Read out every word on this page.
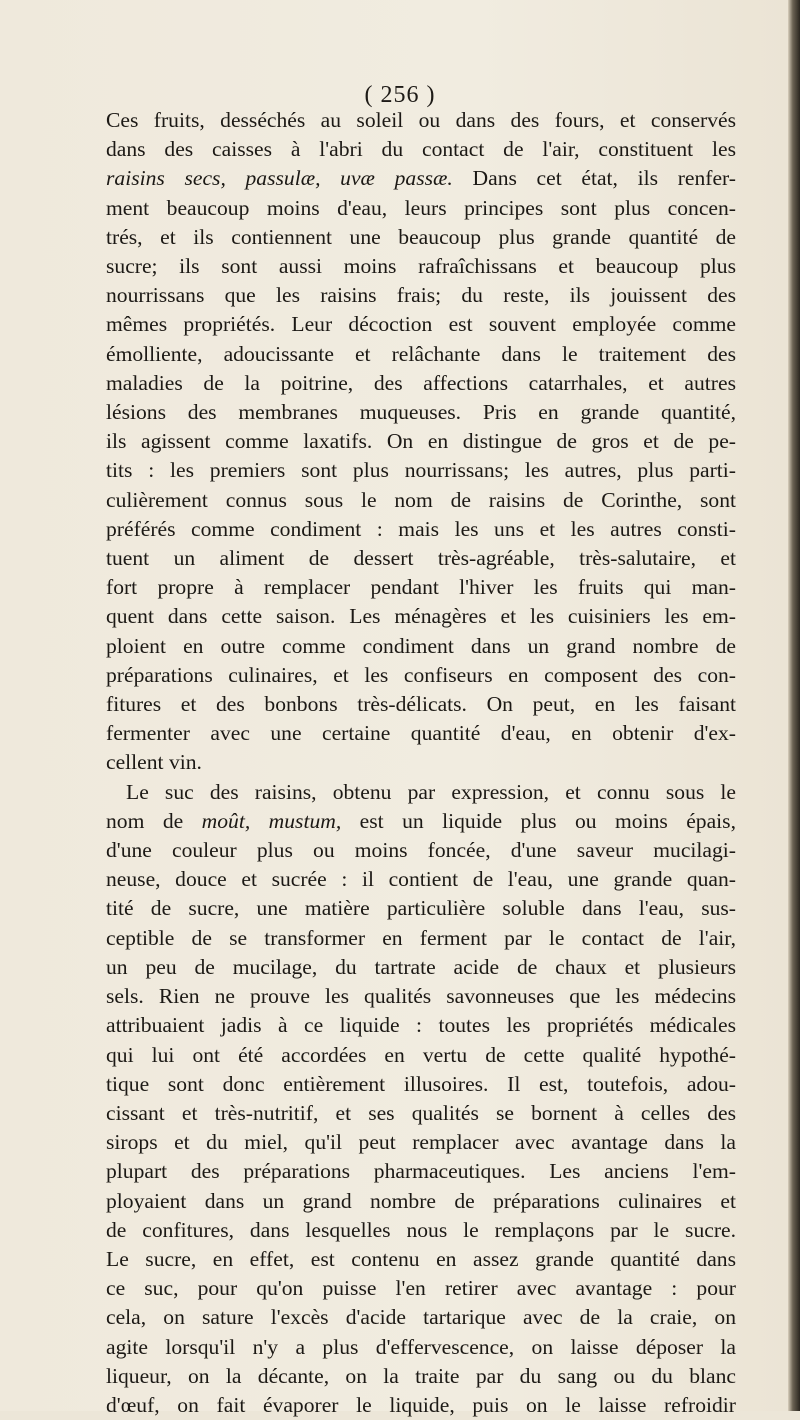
( 256 )
Ces fruits, desséchés au soleil ou dans des fours, et conservés
dans des caisses à l'abri du contact de l'air, constituent les
raisins secs, passulæ, uvæ passæ. Dans cet état, ils renfer-
ment beaucoup moins d'eau, leurs principes sont plus concen-
trés, et ils contiennent une beaucoup plus grande quantité de
sucre; ils sont aussi moins rafraîchissans et beaucoup plus
nourrissans que les raisins frais; du reste, ils jouissent des
mêmes propriétés. Leur décoction est souvent employée comme
émolliente, adoucissante et relâchante dans le traitement des
maladies de la poitrine, des affections catarrhales, et autres
lésions des membranes muqueuses. Pris en grande quantité,
ils agissent comme laxatifs. On en distingue de gros et de pe-
tits : les premiers sont plus nourrissans; les autres, plus parti-
culièrement connus sous le nom de raisins de Corinthe, sont
préférés comme condiment : mais les uns et les autres consti-
tuent un aliment de dessert très-agréable, très-salutaire, et
fort propre à remplacer pendant l'hiver les fruits qui man-
quent dans cette saison. Les ménagères et les cuisiniers les em-
ploient en outre comme condiment dans un grand nombre de
préparations culinaires, et les confiseurs en composent des con-
fitures et des bonbons très-délicats. On peut, en les faisant
fermenter avec une certaine quantité d'eau, en obtenir d'ex-
cellent vin.
Le suc des raisins, obtenu par expression, et connu sous le
nom de moût, mustum, est un liquide plus ou moins épais,
d'une couleur plus ou moins foncée, d'une saveur mucilagi-
neuse, douce et sucrée : il contient de l'eau, une grande quan-
tité de sucre, une matière particulière soluble dans l'eau, sus-
ceptible de se transformer en ferment par le contact de l'air,
un peu de mucilage, du tartrate acide de chaux et plusieurs
sels. Rien ne prouve les qualités savonneuses que les médecins
attribuaient jadis à ce liquide : toutes les propriétés médicales
qui lui ont été accordées en vertu de cette qualité hypothé-
tique sont donc entièrement illusoires. Il est, toutefois, adou-
cissant et très-nutritif, et ses qualités se bornent à celles des
sirops et du miel, qu'il peut remplacer avec avantage dans la
plupart des préparations pharmaceutiques. Les anciens l'em-
ployaient dans un grand nombre de préparations culinaires et
de confitures, dans lesquelles nous le remplaçons par le sucre.
Le sucre, en effet, est contenu en assez grande quantité dans
ce suc, pour qu'on puisse l'en retirer avec avantage : pour
cela, on sature l'excès d'acide tartarique avec de la craie, on
agite lorsqu'il n'y a plus d'effervescence, on laisse déposer la
liqueur, on la décante, on la traite par du sang ou du blanc
d'œuf, on fait évaporer le liquide, puis on le laisse refroidir
